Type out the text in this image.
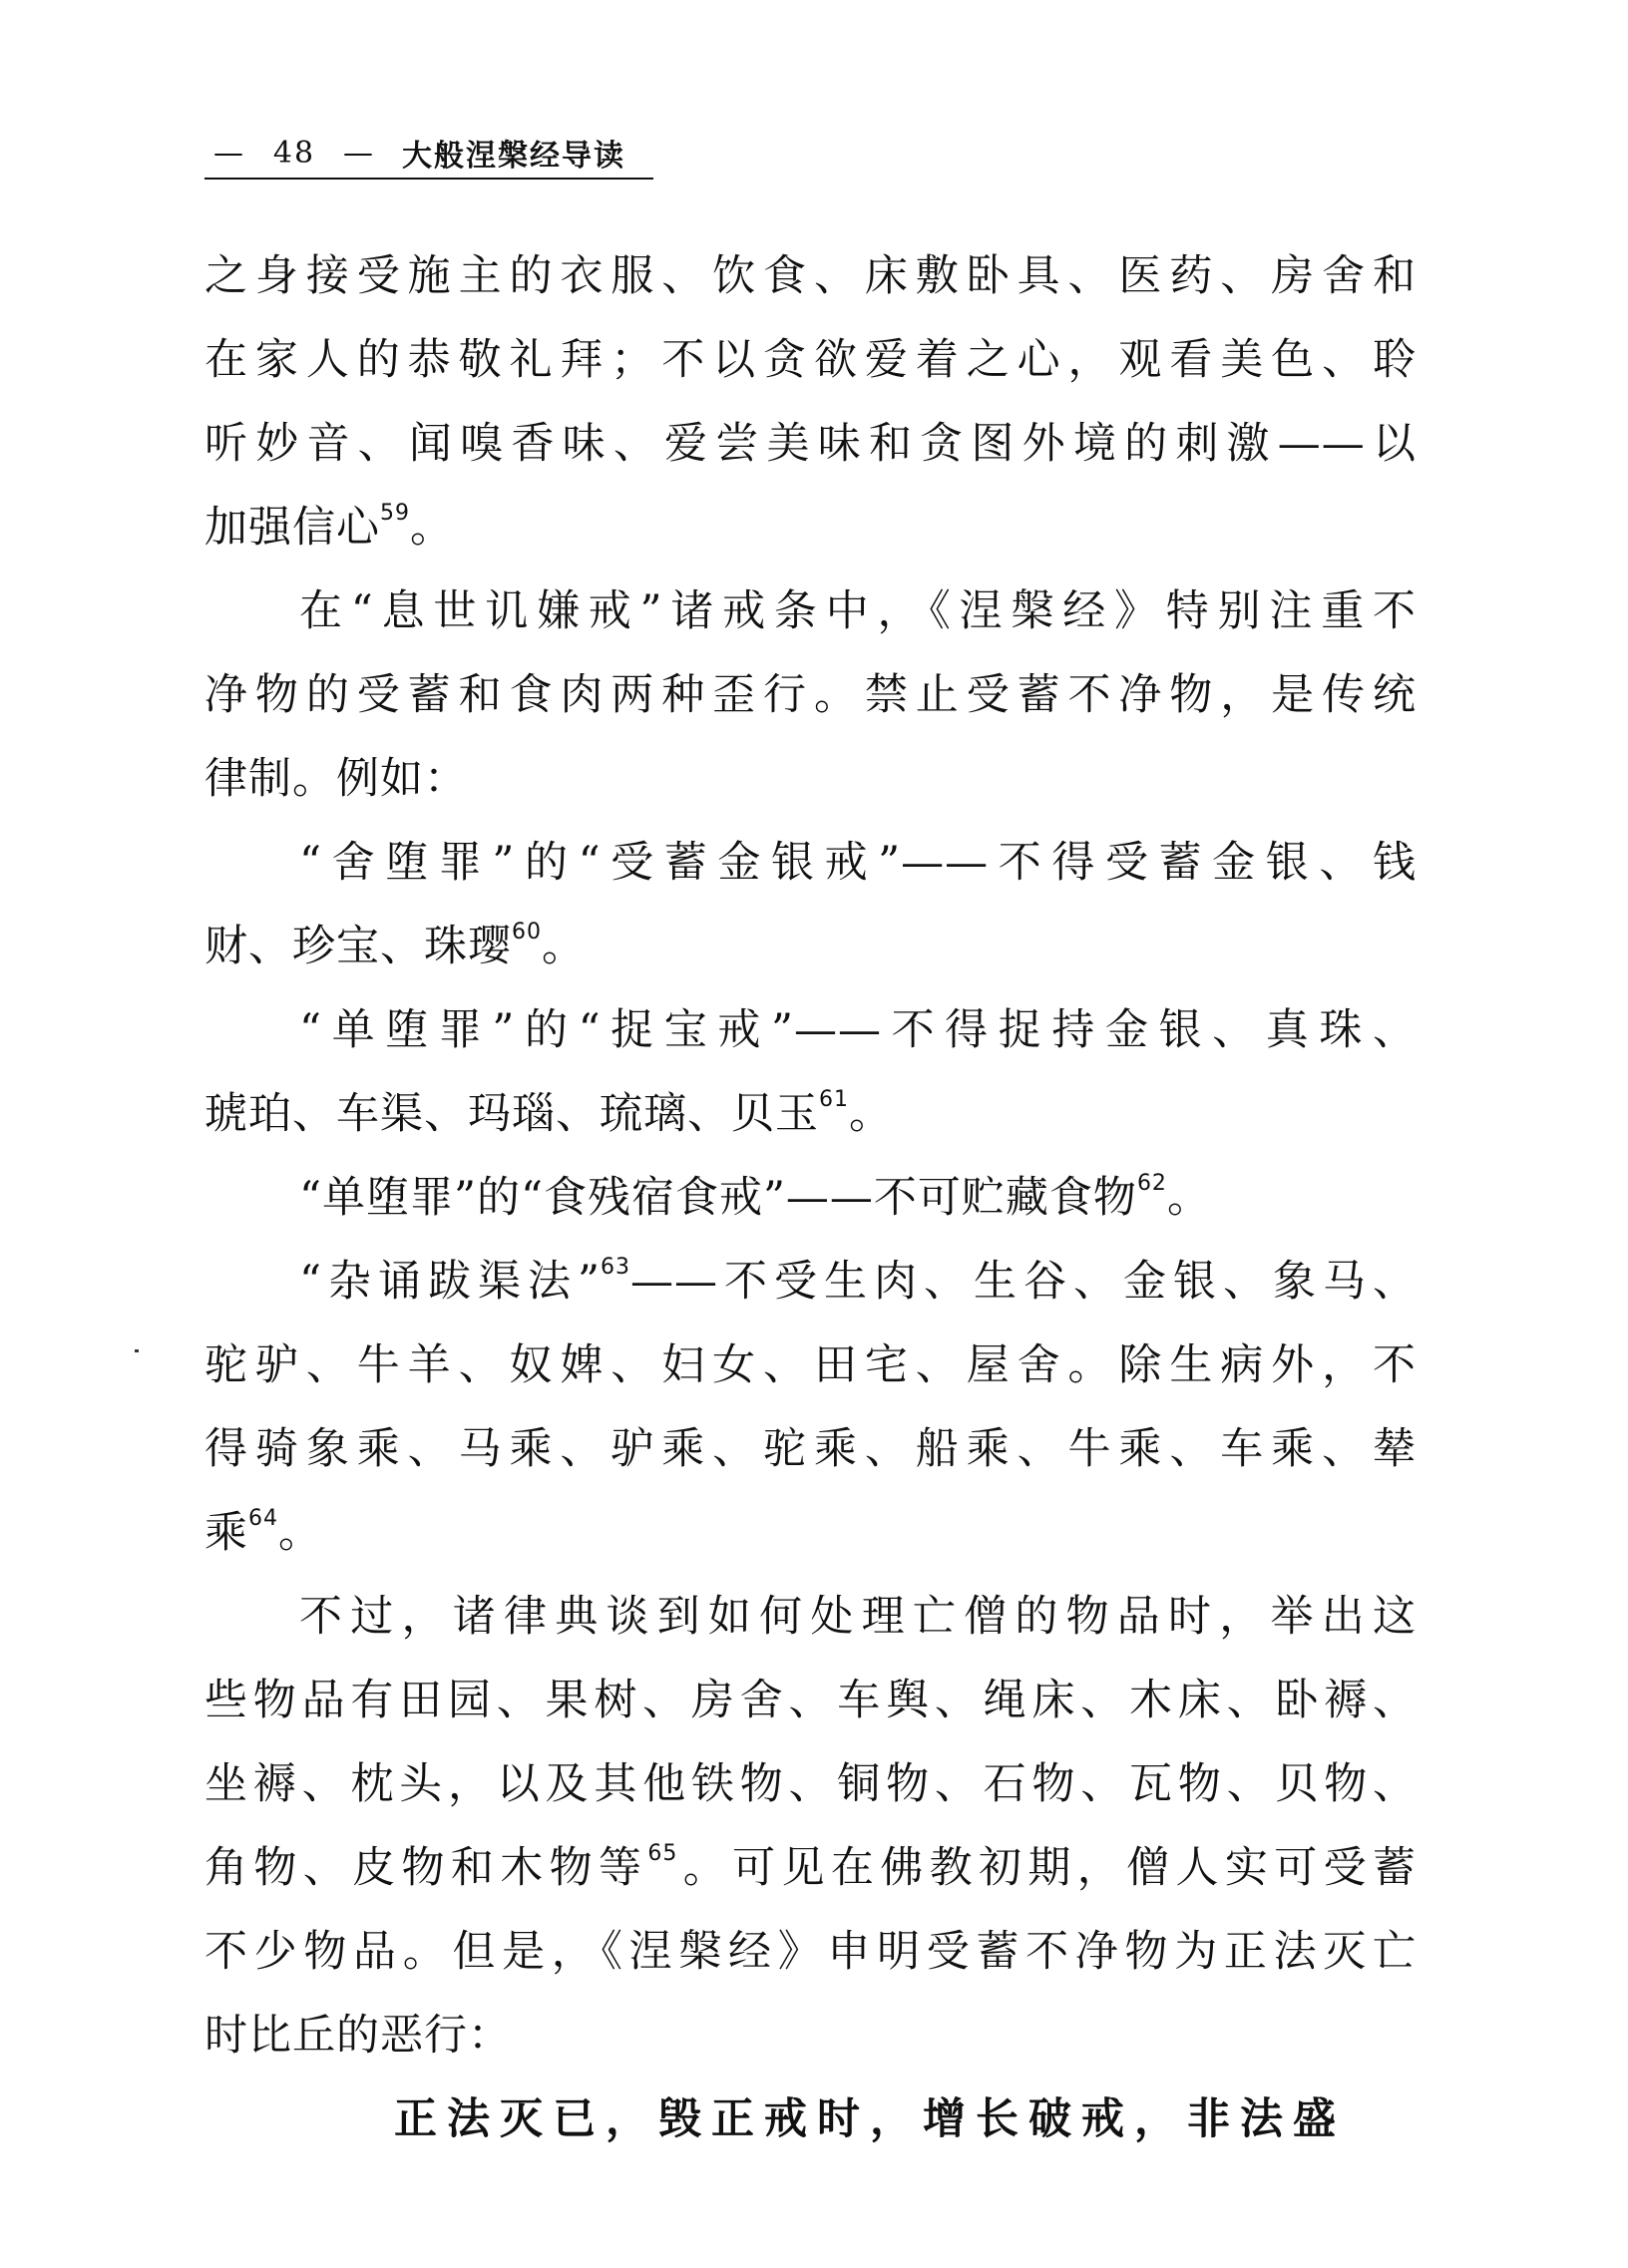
— 48 — 大般涅槃经导读
之身接受施主的衣服、饮食、床敷卧具、医药、房舍和
在家人的恭敬礼拜；不以贪欲爱着之心，观看美色、聆
听妙音、闻嗅香味、爱尝美味和贪图外境的刺激——以
加强信心$^{59}$。
在“息世讥嫌戒”诸戒条中，《涅槃经》特别注重不
净物的受蓄和食肉两种歪行。禁止受蓄不净物，是传统
律制。例如：
“舍堕罪”的“受蓄金银戒”——不得受蓄金银、钱
财、珍宝、珠璎$^{60}$。
“单堕罪”的“捉宝戒”——不得捉持金银、真珠、
琥珀、车渠、玛瑙、琉璃、贝玉$^{61}$。
“单堕罪”的“食残宿食戒”——不可贮藏食物$^{62}$。
“杂诵跋渠法”$^{63}$——不受生肉、生谷、金银、象马、
驼驴、牛羊、奴婢、妇女、田宅、屋舍。除生病外，不
得骑象乘、马乘、驴乘、驼乘、船乘、牛乘、车乘、辇
乘$^{64}$。
不过，诸律典谈到如何处理亡僧的物品时，举出这
些物品有田园、果树、房舍、车舆、绳床、木床、卧褥、
坐褥、枕头，以及其他铁物、铜物、石物、瓦物、贝物、
角物、皮物和木物等$^{65}$。可见在佛教初期，僧人实可受蓄
不少物品。但是，《涅槃经》申明受蓄不净物为正法灭亡
时比丘的恶行：
正法灭已，毁正戒时，增长破戒，非法盛
